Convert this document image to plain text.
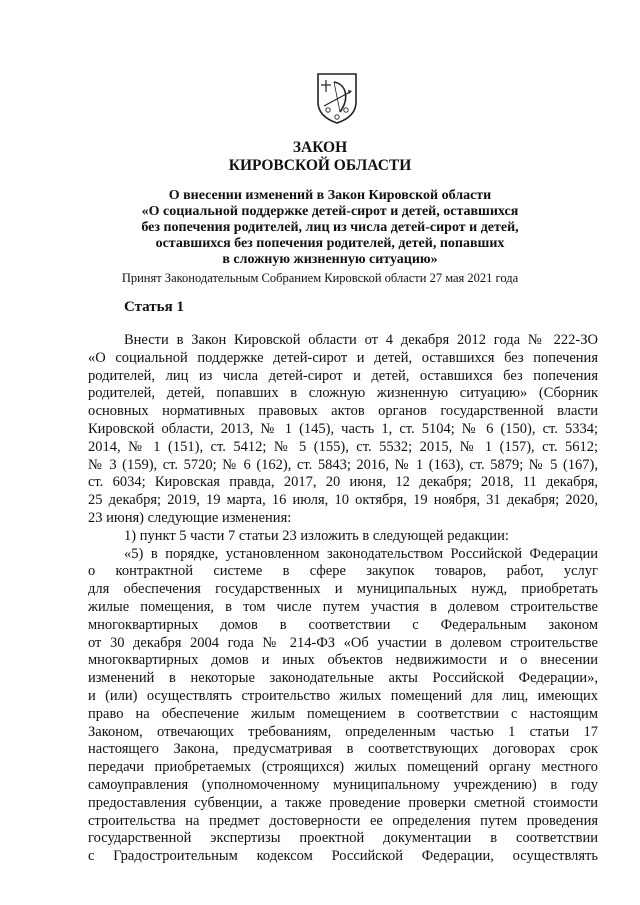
ЗАКОН
КИРОВСКОЙ ОБЛАСТИ
О внесении изменений в Закон Кировской области
«О социальной поддержке детей-сирот и детей, оставшихся
без попечения родителей, лиц из числа детей-сирот и детей,
оставшихся без попечения родителей, детей, попавших
в сложную жизненную ситуацию»
Принят Законодательным Собранием Кировской области 27 мая 2021 года
Статья 1
Внести в Закон Кировской области от 4 декабря 2012 года № 222-ЗО
«О социальной поддержке детей-сирот и детей, оставшихся без попечения
родителей, лиц из числа детей-сирот и детей, оставшихся без попечения
родителей, детей, попавших в сложную жизненную ситуацию» (Сборник
основных нормативных правовых актов органов государственной власти
Кировской области, 2013, № 1 (145), часть 1, ст. 5104; № 6 (150), ст. 5334;
2014, № 1 (151), ст. 5412; № 5 (155), ст. 5532; 2015, № 1 (157), ст. 5612;
№ 3 (159), ст. 5720; № 6 (162), ст. 5843; 2016, № 1 (163), ст. 5879; № 5 (167),
ст. 6034; Кировская правда, 2017, 20 июня, 12 декабря; 2018, 11 декабря,
25 декабря; 2019, 19 марта, 16 июля, 10 октября, 19 ноября, 31 декабря; 2020,
23 июня) следующие изменения:
1) пункт 5 части 7 статьи 23 изложить в следующей редакции:
«5) в порядке, установленном законодательством Российской Федерации
о контрактной системе в сфере закупок товаров, работ, услуг
для обеспечения государственных и муниципальных нужд, приобретать
жилые помещения, в том числе путем участия в долевом строительстве
многоквартирных домов в соответствии с Федеральным законом
от 30 декабря 2004 года № 214-ФЗ «Об участии в долевом строительстве
многоквартирных домов и иных объектов недвижимости и о внесении
изменений в некоторые законодательные акты Российской Федерации»,
и (или) осуществлять строительство жилых помещений для лиц, имеющих
право на обеспечение жилым помещением в соответствии с настоящим
Законом, отвечающих требованиям, определенным частью 1 статьи 17
настоящего Закона, предусматривая в соответствующих договорах срок
передачи приобретаемых (строящихся) жилых помещений органу местного
самоуправления (уполномоченному муниципальному учреждению) в году
предоставления субвенции, а также проведение проверки сметной стоимости
строительства на предмет достоверности ее определения путем проведения
государственной экспертизы проектной документации в соответствии
с Градостроительным кодексом Российской Федерации, осуществлять
